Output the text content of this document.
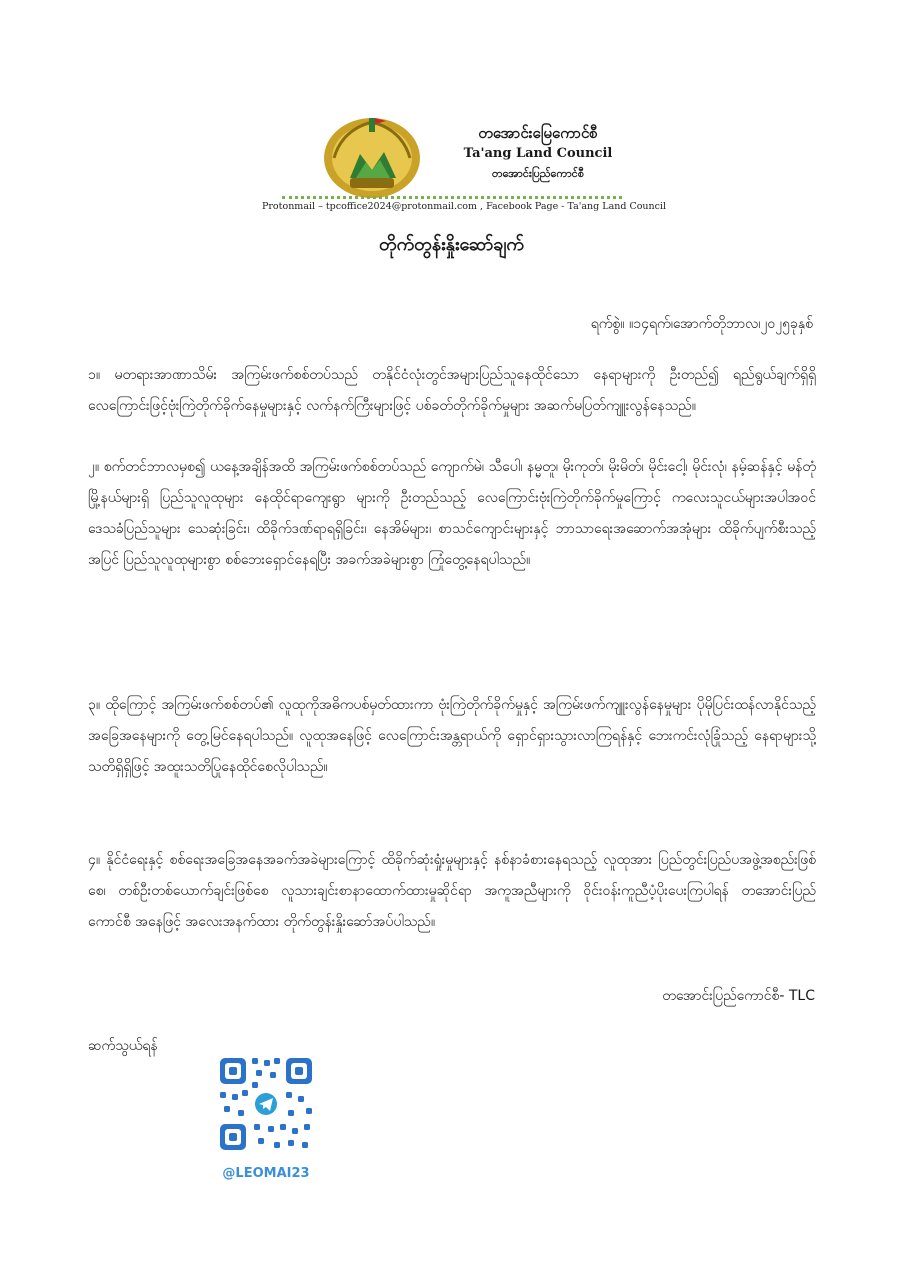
တအောင်းမြေကောင်စီ
Ta'ang Land Council
တအောင်းပြည်ကောင်စီ
Protonmail – tpcoffice2024@protonmail.com , Facebook Page - Ta'ang Land Council
တိုက်တွန်းနှိုးဆော်ချက်
ရက်စွဲ။ ။၁၄ရက်၊အောက်တိုဘာလ၊၂၀၂၅ခုနှစ်

၁။ မတရားအာဏာသိမ်း အကြမ်းဖက်စစ်တပ်သည် တနိုင်ငံလုံးတွင်အများပြည်သူနေထိုင်သော နေရာများကို ဦးတည်၍ ရည်ရွယ်ချက်ရှိရှိ လေကြောင်းဖြင့်ဗုံးကြဲတိုက်ခိုက်နေမှုများနှင့် လက်နက်ကြီးများဖြင့် ပစ်ခတ်တိုက်ခိုက်မှုများ အဆက်မပြတ်ကျူးလွန်နေသည်။

၂။ စက်တင်ဘာလမှစ၍ ယနေ့အချိန်အထိ အကြမ်းဖက်စစ်တပ်သည် ကျောက်မဲ၊ သီပေါ၊ နမ္မတူ၊ မိုးကုတ်၊ မိုးမိတ်၊ မိုင်းငေါ့၊ မိုင်းလုံ၊ နမ့်ဆန်နှင့် မန်တုံမြို့နယ်များရှိ ပြည်သူလူထုများ နေထိုင်ရာကျေးရွာ များကို ဦးတည်သည့် လေကြောင်းဗုံးကြဲတိုက်ခိုက်မှုကြောင့် ကလေးသူငယ်များအပါအဝင် ဒေသခံပြည်သူများ သေဆုံးခြင်း၊ ထိခိုက်ဒဏ်ရာရရှိခြင်း၊ နေအိမ်များ၊ စာသင်ကျောင်းများနှင့် ဘာသာရေးအဆောက်အအုံများ ထိခိုက်ပျက်စီးသည့်အပြင် ပြည်သူလူထုများစွာ စစ်ဘေးရှောင်နေရပြီး အခက်အခဲများစွာ ကြုံတွေ့နေရပါသည်။

၃။ ထိုကြောင့် အကြမ်းဖက်စစ်တပ်၏ လူထုကိုအဓိကပစ်မှတ်ထားကာ ဗုံးကြဲတိုက်ခိုက်မှုနှင့် အကြမ်းဖက်ကျူးလွန်နေမှုများ ပိုမိုပြင်းထန်လာနိုင်သည့်အခြေအနေများကို တွေ့မြင်နေရပါသည်။ လူထုအနေဖြင့် လေကြောင်းအန္တရာယ်ကို ရှောင်ရှားသွားလာကြရန်နှင့် ဘေးကင်းလုံခြုံသည့် နေရာများသို့ သတိရှိရှိဖြင့် အထူးသတိပြုနေထိုင်စေလိုပါသည်။

၄။ နိုင်ငံရေးနှင့် စစ်ရေးအခြေအနေအခက်အခဲများကြောင့် ထိခိုက်ဆုံးရှုံးမှုများနှင့် နစ်နာခံစားနေရသည့် လူထုအား ပြည်တွင်းပြည်ပအဖွဲ့အစည်းဖြစ်စေ၊ တစ်ဦးတစ်ယောက်ချင်းဖြစ်စေ လူသားချင်းစာနာထောက်ထားမှုဆိုင်ရာ အကူအညီများကို ဝိုင်းဝန်းကူညီပံ့ပိုးပေးကြပါရန် တအောင်းပြည်ကောင်စီ အနေဖြင့် အလေးအနက်ထား တိုက်တွန်းနှိုးဆော်အပ်ပါသည်။

တအောင်းပြည်ကောင်စီ- TLC
ဆက်သွယ်ရန်
@LEOMAI23
